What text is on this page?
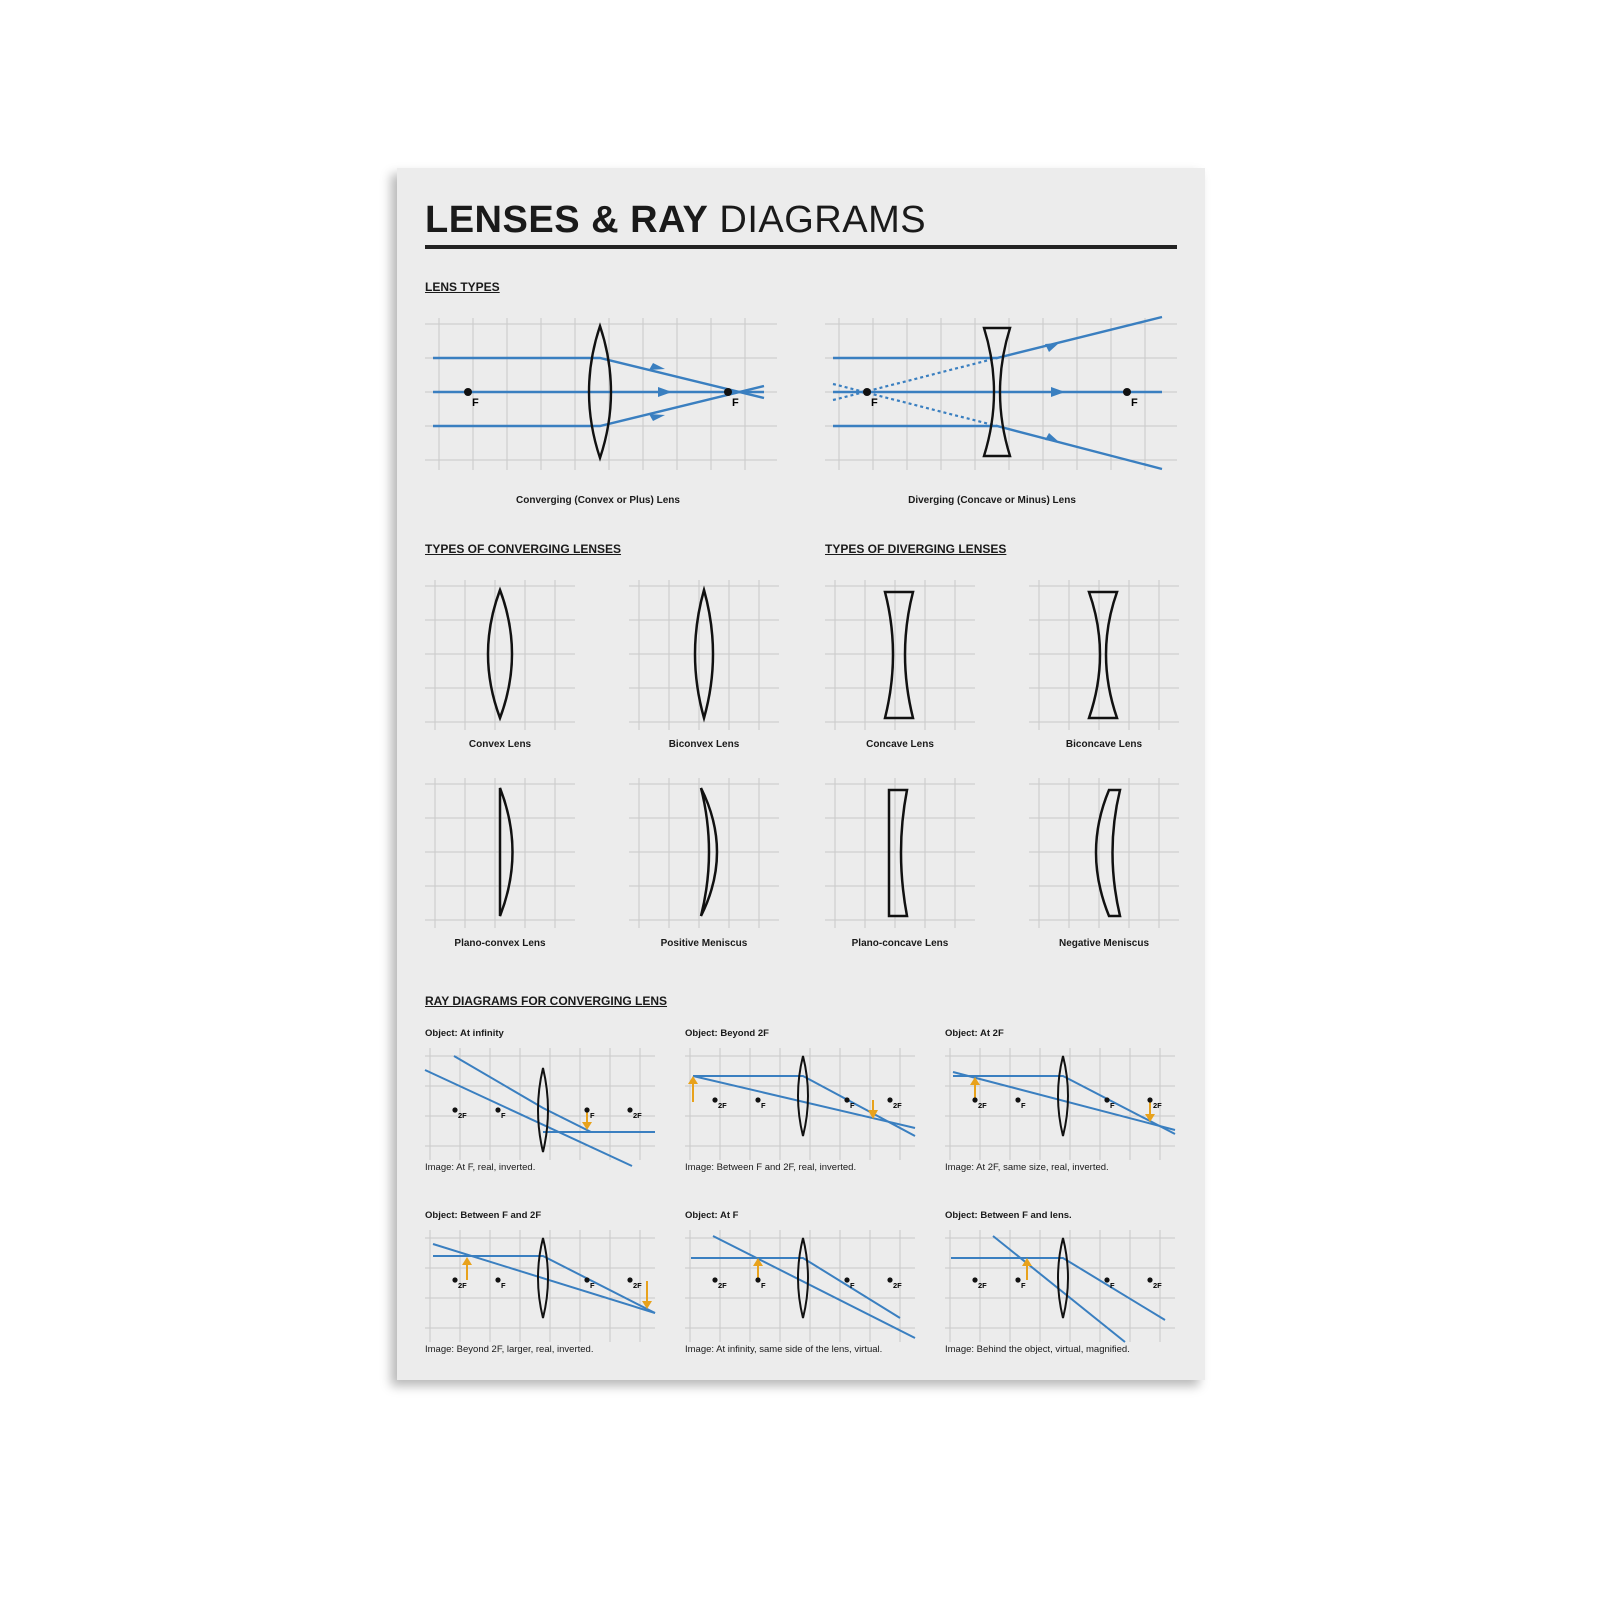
LENSES & RAY DIAGRAMS
LENS TYPES
F	F
Converging (Convex or Plus) Lens
F	F
Diverging (Concave or Minus) Lens
TYPES OF CONVERGING LENSES	TYPES OF DIVERGING LENSES
Convex Lens	Biconvex Lens	Concave Lens	Biconcave Lens
Plano-convex Lens	Positive Meniscus	Plano-concave Lens	Negative Meniscus
RAY DIAGRAMS FOR CONVERGING LENS
Object: At infinity	Object: Beyond 2F	Object: At 2F
2F	F	F	2F
2F	F	F	2F	2F	F	F	2F
Image: At F, real, inverted.	Image: Between F and 2F, real, inverted.	Image: At 2F, same size, real, inverted.
Object: Between F and 2F	Object: At F	Object: Between F and lens.
2F	F	F	2F	2F	F	F	2F	2F	F	F	2F
Image: Beyond 2F, larger, real, inverted.	Image: At infinity, same side of the lens, virtual.	Image: Behind the object, virtual, magnified.
